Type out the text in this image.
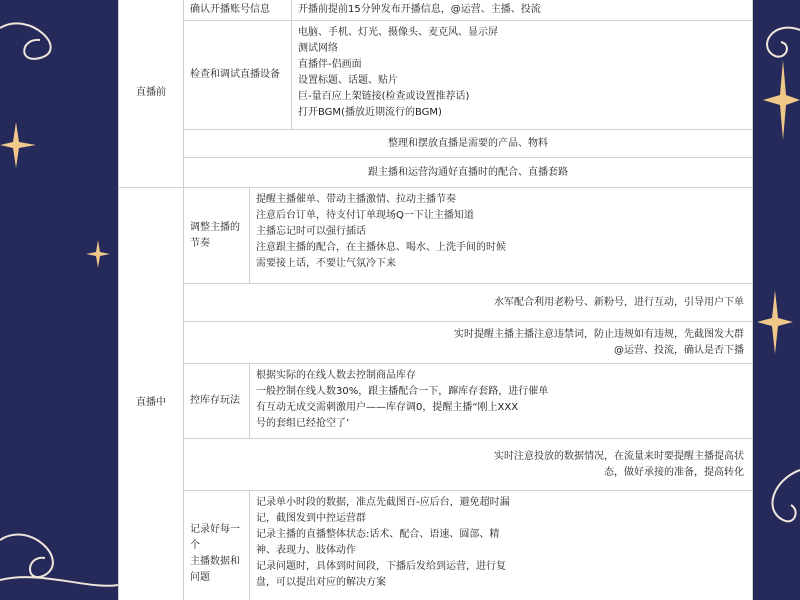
直播前
确认开播账号信息	开播前提前15分钟发布开播信息，@运营、主播、投流
检查和调试直播设备
电脑、手机、灯光、摄像头、麦克风、显示屏
测试网络
直播伴-侣画面
设置标题、话题、贴片
巨-量百应上架链接(检查或设置推荐话)
打开BGM(播放近期流行的BGM)
整理和摆放直播是需要的产品、物料
跟主播和运营沟通好直播时的配合、直播套路
直播中
调整主播的
节奏
提醒主播催单、带动主播激情、拉动主播节奏
注意后台订单，待支付订单现场Q一下让主播知道
主播忘记时可以强行插话
注意跟主播的配合，在主播休息、喝水、上洗手间的时候
需要接上话，不要让气氛冷下来
水军配合利用老粉号、新粉号，进行互动，引导用户下单
实时提醒主播主播注意违禁词，防止违规如有违规，先截图发大群
@运营、投流，确认是否下播
控库存玩法
根据实际的在线人数去控制商品库存
一般控制在线人数30%，跟主播配合一下，蹿库存套路，进行催单
有互动无成交需刺激用户——库存调0，提醒主播“刚上XXX
号的套组已经抢空了’
实时注意投放的数据情况，在流量来时要提醒主播提高状
态，做好承接的准备，提高转化
记录好每一
个
主播数据和
问题
记录单小时段的数据，准点先截图百-应后台，避免超时漏
记，截图发到中控运营群
记录主播的直播整体状态:话术、配合、语速、圆部、精
神、表现力、肢体动作
记录问题时，具体到时间段，下播后发给到运营，进行复
盘，可以提出对应的解决方案
